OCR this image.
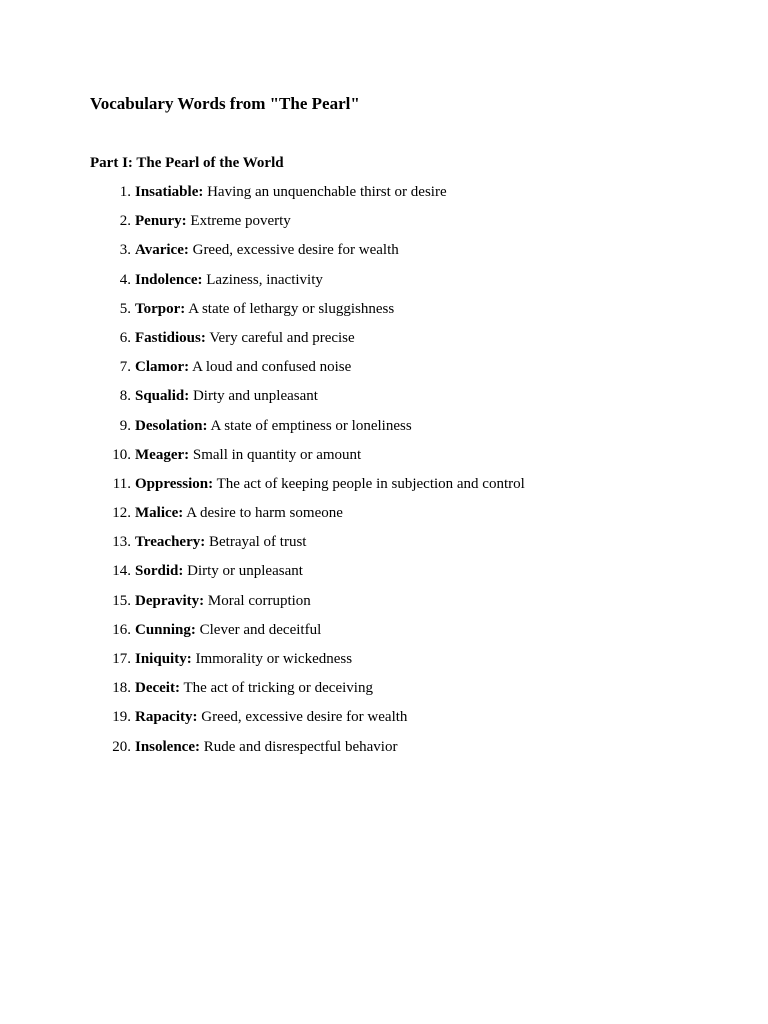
Vocabulary Words from "The Pearl"
Part I: The Pearl of the World
1. Insatiable: Having an unquenchable thirst or desire
2. Penury: Extreme poverty
3. Avarice: Greed, excessive desire for wealth
4. Indolence: Laziness, inactivity
5. Torpor: A state of lethargy or sluggishness
6. Fastidious: Very careful and precise
7. Clamor: A loud and confused noise
8. Squalid: Dirty and unpleasant
9. Desolation: A state of emptiness or loneliness
10. Meager: Small in quantity or amount
11. Oppression: The act of keeping people in subjection and control
12. Malice: A desire to harm someone
13. Treachery: Betrayal of trust
14. Sordid: Dirty or unpleasant
15. Depravity: Moral corruption
16. Cunning: Clever and deceitful
17. Iniquity: Immorality or wickedness
18. Deceit: The act of tricking or deceiving
19. Rapacity: Greed, excessive desire for wealth
20. Insolence: Rude and disrespectful behavior
